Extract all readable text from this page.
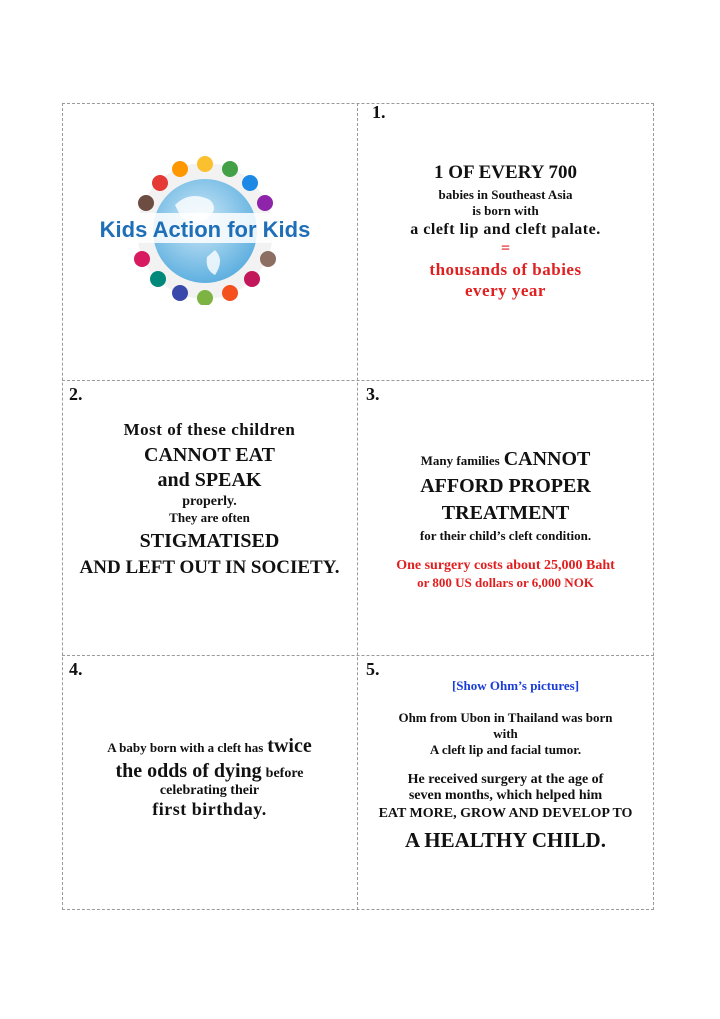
1.
Kids Action for Kids
1 OF EVERY 700
babies in Southeast Asia
is born with
a cleft lip and cleft palate.
=
thousands of babies
every year
2.
Most of these children
CANNOT EAT
and SPEAK
properly.
They are often
STIGMATISED
AND LEFT OUT IN SOCIETY.
3.
Many families CANNOT
AFFORD PROPER
TREATMENT
for their child’s cleft condition.
One surgery costs about 25,000 Baht
or 800 US dollars or 6,000 NOK
4.
A baby born with a cleft has twice
the odds of dying before
celebrating their
first birthday.
5.
[Show Ohm’s pictures]
Ohm from Ubon in Thailand was born
with
A cleft lip and facial tumor.
He received surgery at the age of
seven months, which helped him
EAT MORE, GROW AND DEVELOP TO
A HEALTHY CHILD.
